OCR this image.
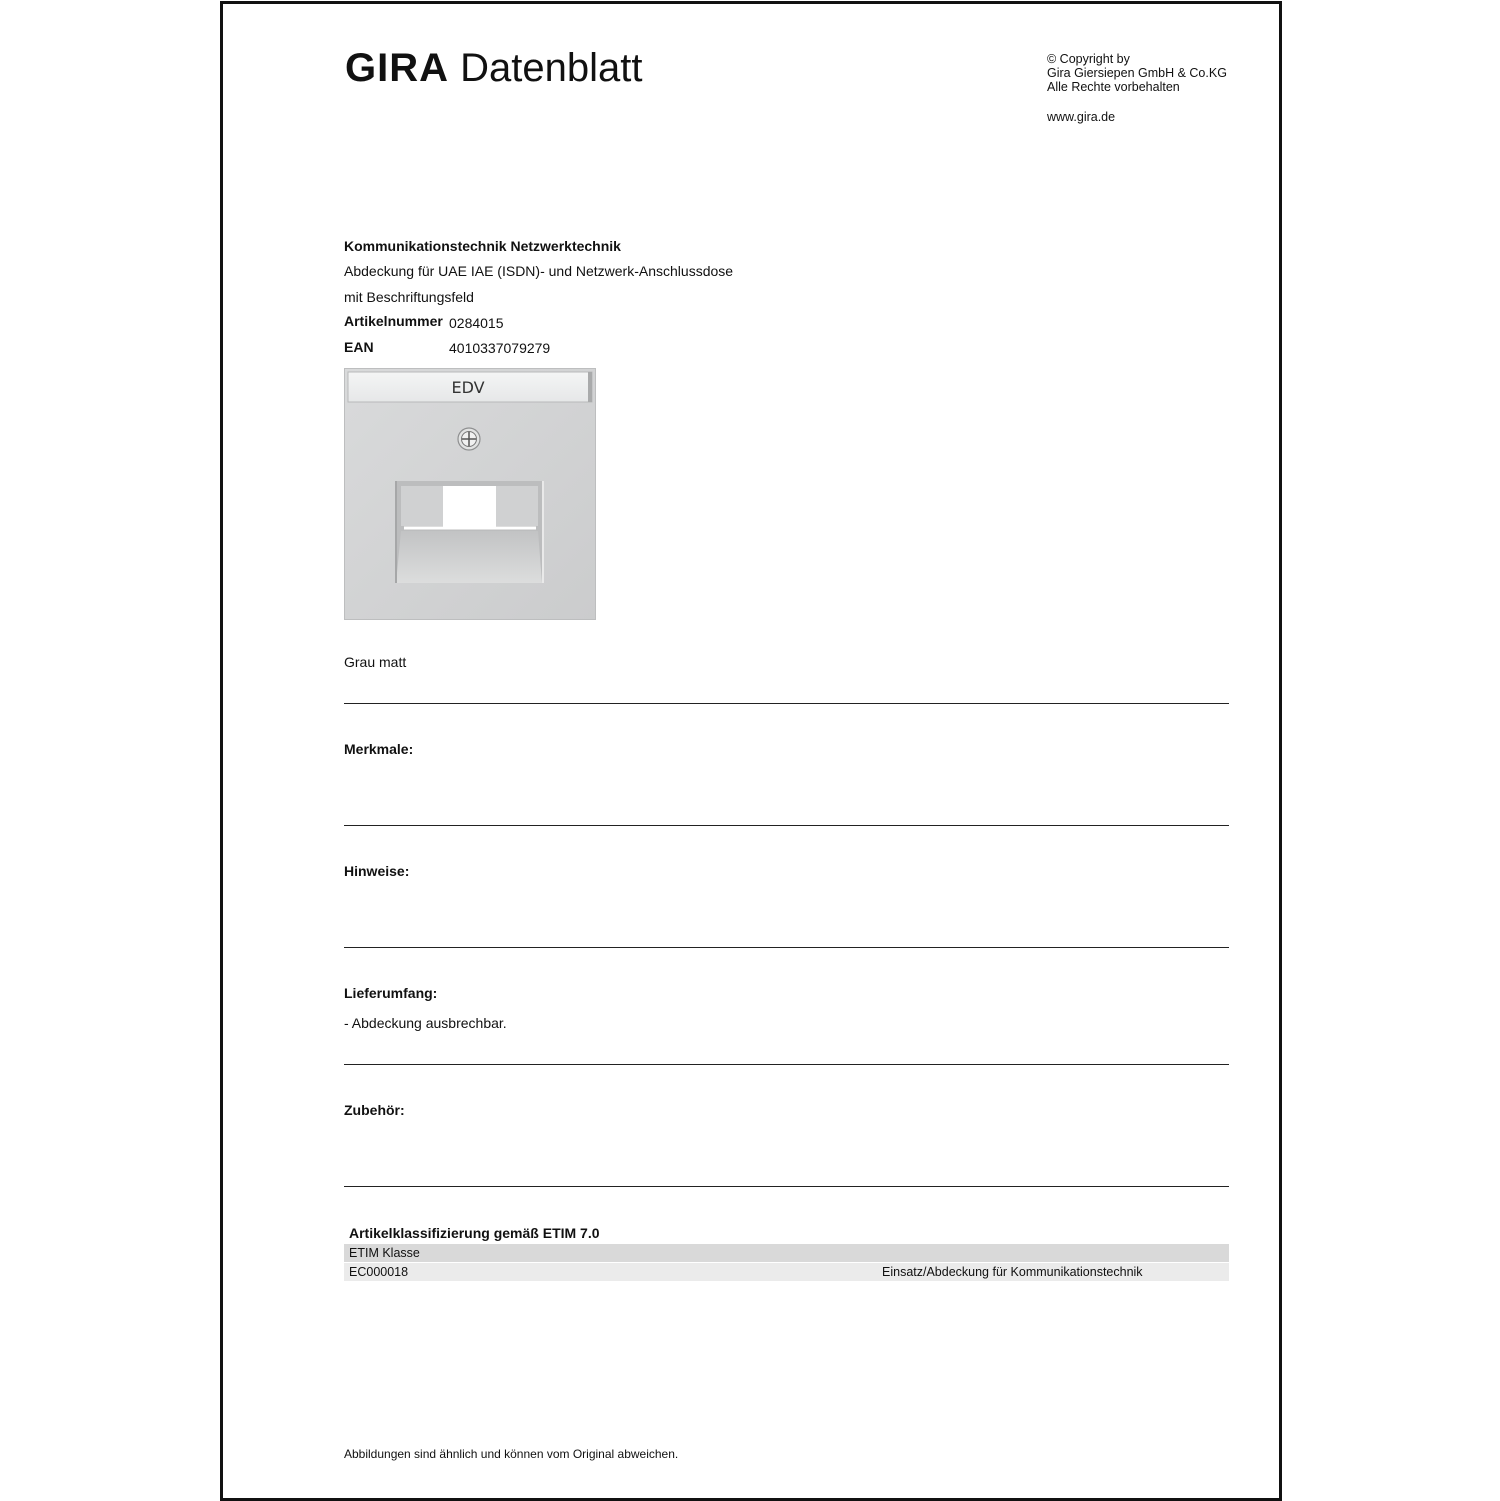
GIRA Datenblatt	© Copyright by
Gira Giersiepen GmbH & Co.KG
Alle Rechte vorbehalten
www.gira.de
Kommunikationstechnik Netzwerktechnik
Abdeckung für UAE IAE (ISDN)- und Netzwerk-Anschlussdose
mit Beschriftungsfeld
Artikelnummer 0284015
EAN	4010337079279
EDV
Grau matt
Merkmale:
Hinweise:
Lieferumfang:
- Abdeckung ausbrechbar.
Zubehör:
Artikelklassifizierung gemäß ETIM 7.0
ETIM Klasse
EC000018	Einsatz/Abdeckung für Kommunikationstechnik
Abbildungen sind ähnlich und können vom Original abweichen.
